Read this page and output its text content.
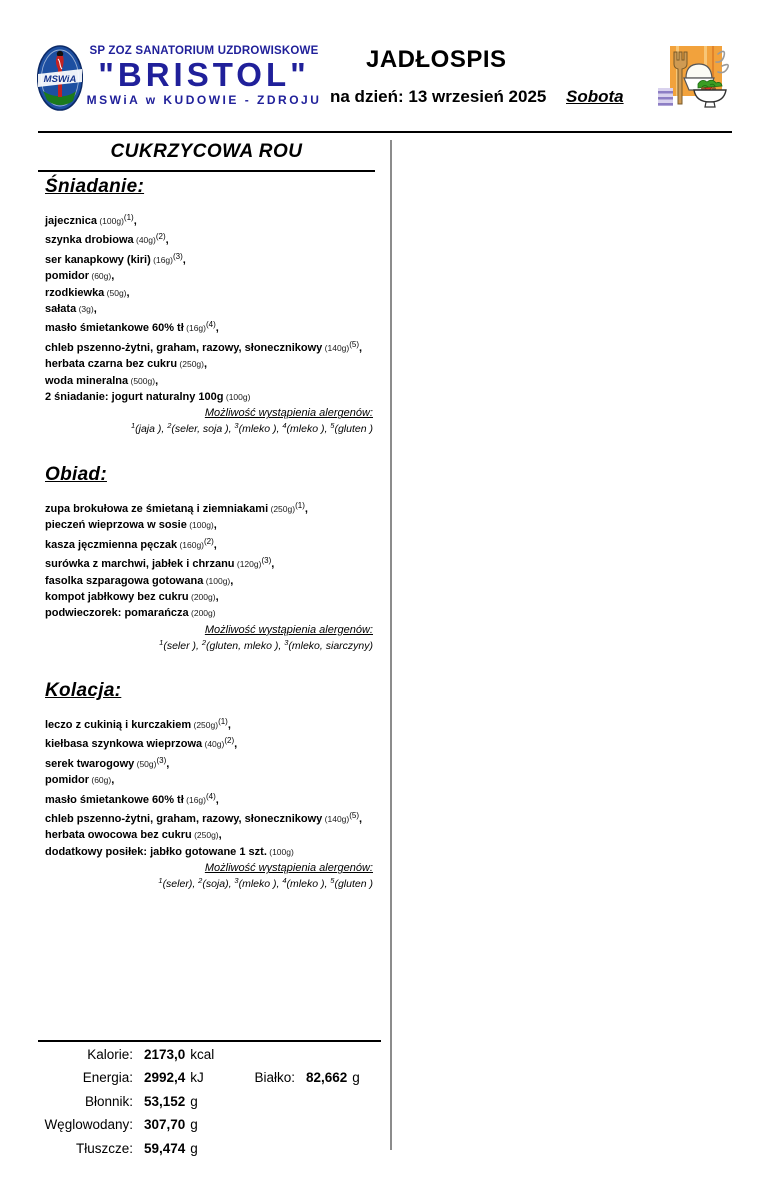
MSWiA
SP ZOZ SANATORIUM UZDROWISKOWE
"BRISTOL"
MSWiA w KUDOWIE - ZDROJU
JADŁOSPIS
na dzień: 13 wrzesień 2025 Sobota
CUKRZYCOWA ROU
Śniadanie:
jajecznica (100g)$^{(1)}$,
szynka drobiowa (40g)$^{(2)}$,
ser kanapkowy (kiri) (16g)$^{(3)}$,
pomidor (60g),
rzodkiewka (50g),
sałata (3g),
masło śmietankowe 60% tł (16g)$^{(4)}$,
chleb pszenno-żytni, graham, razowy, słonecznikowy (140g)$^{(5)}$,
herbata czarna bez cukru (250g),
woda mineralna (500g),
2 śniadanie: jogurt naturalny 100g (100g)
Możliwość wystąpienia alergenów:
$^1$(jaja ), $^2$(seler, soja ), $^3$(mleko ), $^4$(mleko ), $^5$(gluten )
Obiad:
zupa brokułowa ze śmietaną i ziemniakami (250g)$^{(1)}$,
pieczeń wieprzowa w sosie (100g),
kasza jęczmienna pęczak (160g)$^{(2)}$,
surówka z marchwi, jabłek i chrzanu (120g)$^{(3)}$,
fasolka szparagowa gotowana (100g),
kompot jabłkowy bez cukru (200g),
podwieczorek: pomarańcza (200g)
Możliwość wystąpienia alergenów:
$^1$(seler ), $^2$(gluten, mleko ), $^3$(mleko, siarczyny)
Kolacja:
leczo z cukinią i kurczakiem (250g)$^{(1)}$,
kiełbasa szynkowa wieprzowa (40g)$^{(2)}$,
serek twarogowy (50g)$^{(3)}$,
pomidor (60g),
masło śmietankowe 60% tł (16g)$^{(4)}$,
chleb pszenno-żytni, graham, razowy, słonecznikowy (140g)$^{(5)}$,
herbata owocowa bez cukru (250g),
dodatkowy posiłek: jabłko gotowane 1 szt. (100g)
Możliwość wystąpienia alergenów:
$^1$(seler), $^2$(soja), $^3$(mleko ), $^4$(mleko ), $^5$(gluten )
Kalorie: 2173,0 kcal
Energia: 2992,4 kJ	Białko: 82,662 g
Błonnik: 53,152 g
Węglowodany: 307,70 g
Tłuszcze: 59,474 g
